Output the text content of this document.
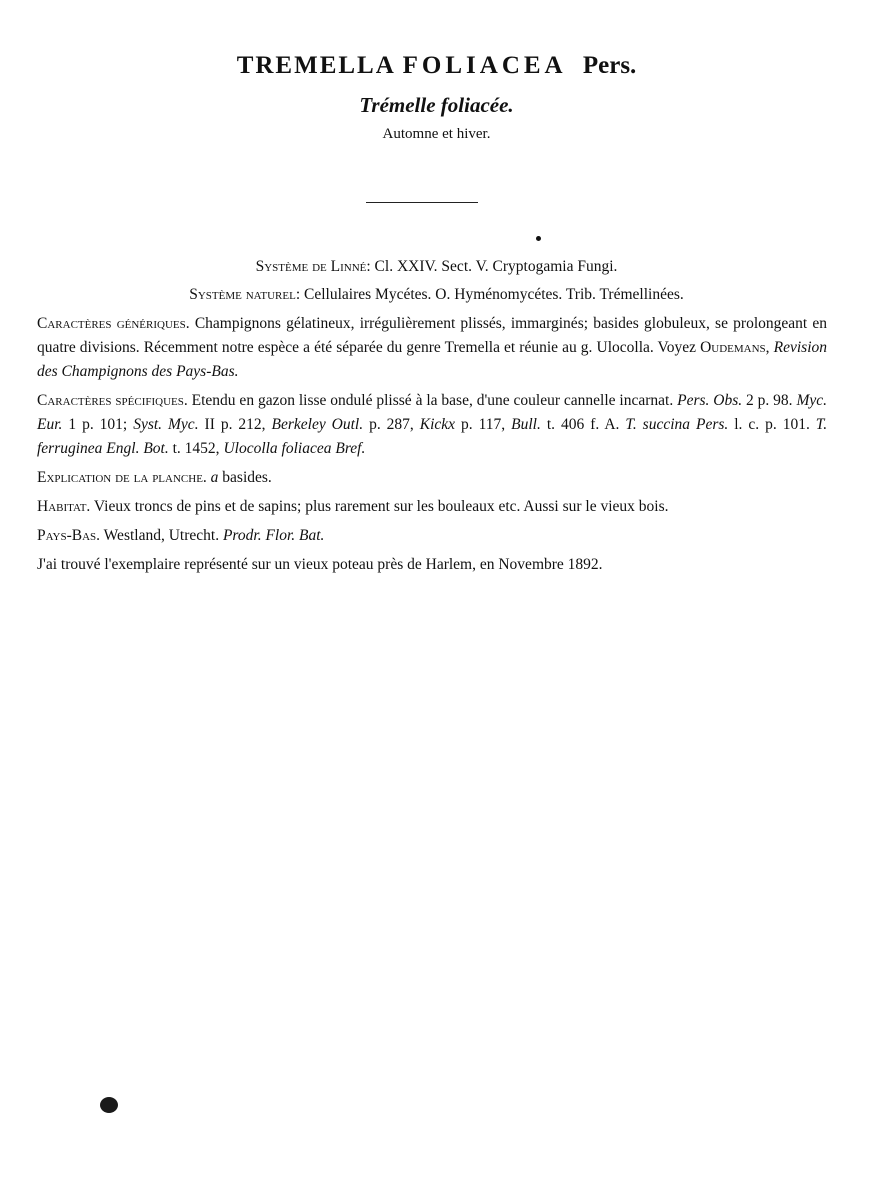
TREMELLA FOLIACEA Pers.
Trémelle foliacée.
Automne et hiver.
Système de Linné: Cl. XXIV. Sect. V. Cryptogamia Fungi.
Système naturel: Cellulaires Mycétes. O. Hyménomycétes. Trib. Trémellinées.

Caractères génériques. Champignons gélatineux, irrégulièrement plissés, immarginés; basides globuleux, se prolongeant en quatre divisions. Récemment notre espèce a été séparée du genre Tremella et réunie au g. Ulocolla. Voyez Oudemans, Revision des Champignons des Pays-Bas.

Caractères spécifiques. Etendu en gazon lisse ondulé plissé à la base, d'une couleur cannelle incarnat. Pers. Obs. 2 p. 98. Myc. Eur. 1 p. 101; Syst. Myc. II p. 212, Berkeley Outl. p. 287, Kickx p. 117, Bull. t. 406 f. A. T. succina Pers. l. c. p. 101. T. ferruginea Engl. Bot. t. 1452, Ulocolla foliacea Bref.

Explication de la planche. a basides.

Habitat. Vieux troncs de pins et de sapins; plus rarement sur les bouleaux etc. Aussi sur le vieux bois.

Pays-Bas. Westland, Utrecht. Prodr. Flor. Bat.

J'ai trouvé l'exemplaire représenté sur un vieux poteau près de Harlem, en Novembre 1892.
